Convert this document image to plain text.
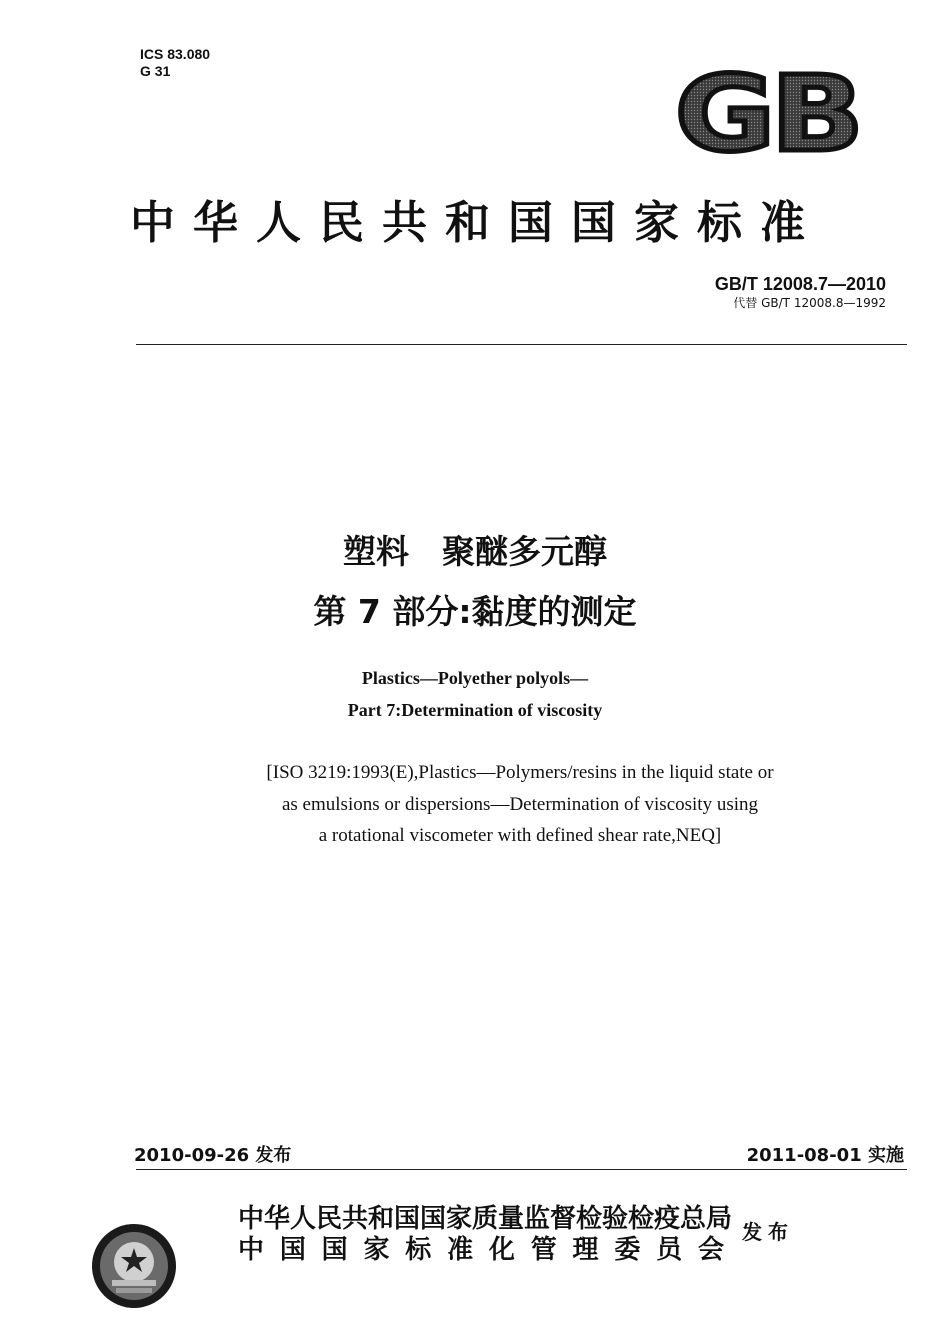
ICS 83.080
G 31	GB
中华人民共和国国家标准
GB/T 12008.7—2010
代替 GB/T 12008.8—1992
塑料　聚醚多元醇
第 7 部分:黏度的测定
Plastics—Polyether polyols—
Part 7:Determination of viscosity
[ISO 3219:1993(E),Plastics—Polymers/resins in the liquid state or
as emulsions or dispersions—Determination of viscosity using
a rotational viscometer with defined shear rate,NEQ]
2010-09-26 发布	2011-08-01 实施
中华人民共和国国家质量监督检验检疫总局
中国国家标准化管理委员会
发布
